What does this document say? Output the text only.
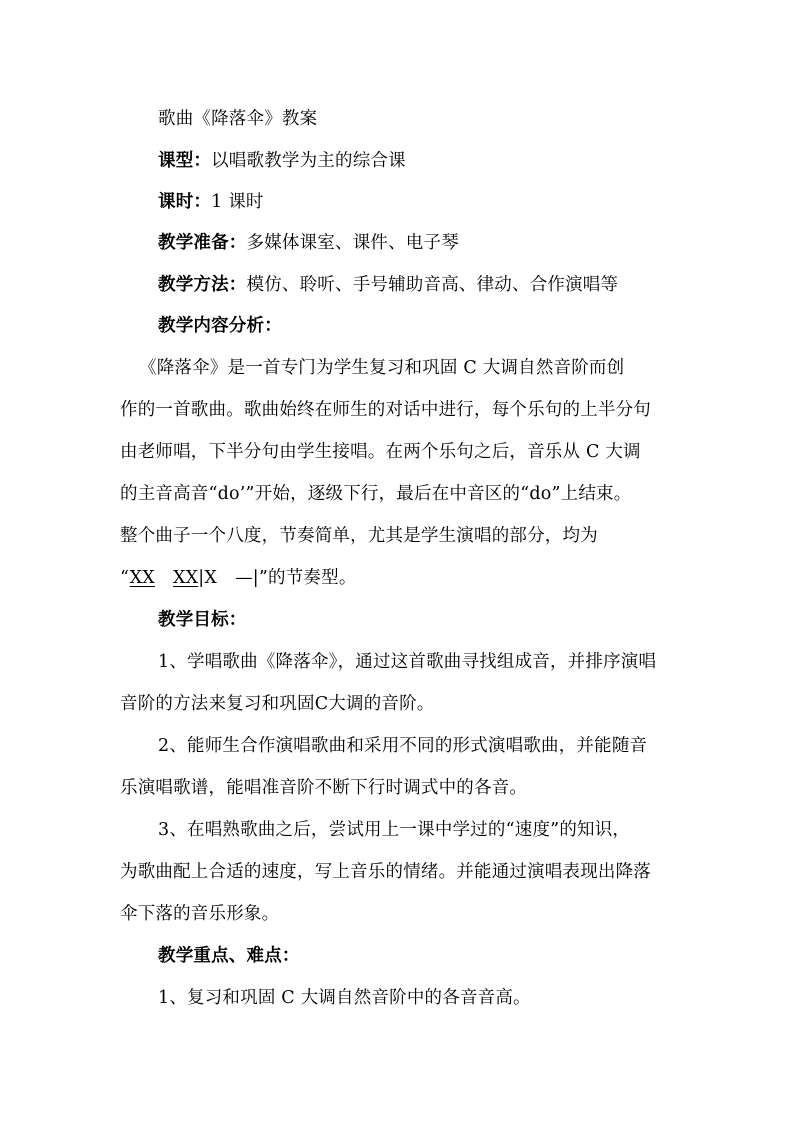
歌曲《降落伞》教案
课型：以唱歌教学为主的综合课
课时：1 课时
教学准备：多媒体课室、课件、电子琴
教学方法：模仿、聆听、手号辅助音高、律动、合作演唱等
教学内容分析：
《降落伞》是一首专门为学生复习和巩固 C 大调自然音阶而创
作的一首歌曲。歌曲始终在师生的对话中进行，每个乐句的上半分句
由老师唱，下半分句由学生接唱。在两个乐句之后，音乐从 C 大调
的主音高音“do’”开始，逐级下行，最后在中音区的“do”上结束。
整个曲子一个八度，节奏简单，尤其是学生演唱的部分，均为
“XX XX|X —|”的节奏型。
教学目标：
1、学唱歌曲《降落伞》，通过这首歌曲寻找组成音，并排序演唱
音阶的方法来复习和巩固C大调的音阶。
2、能师生合作演唱歌曲和采用不同的形式演唱歌曲，并能随音
乐演唱歌谱，能唱准音阶不断下行时调式中的各音。
3、在唱熟歌曲之后，尝试用上一课中学过的“速度”的知识，
为歌曲配上合适的速度，写上音乐的情绪。并能通过演唱表现出降落
伞下落的音乐形象。
教学重点、难点：
1、复习和巩固 C 大调自然音阶中的各音音高。
